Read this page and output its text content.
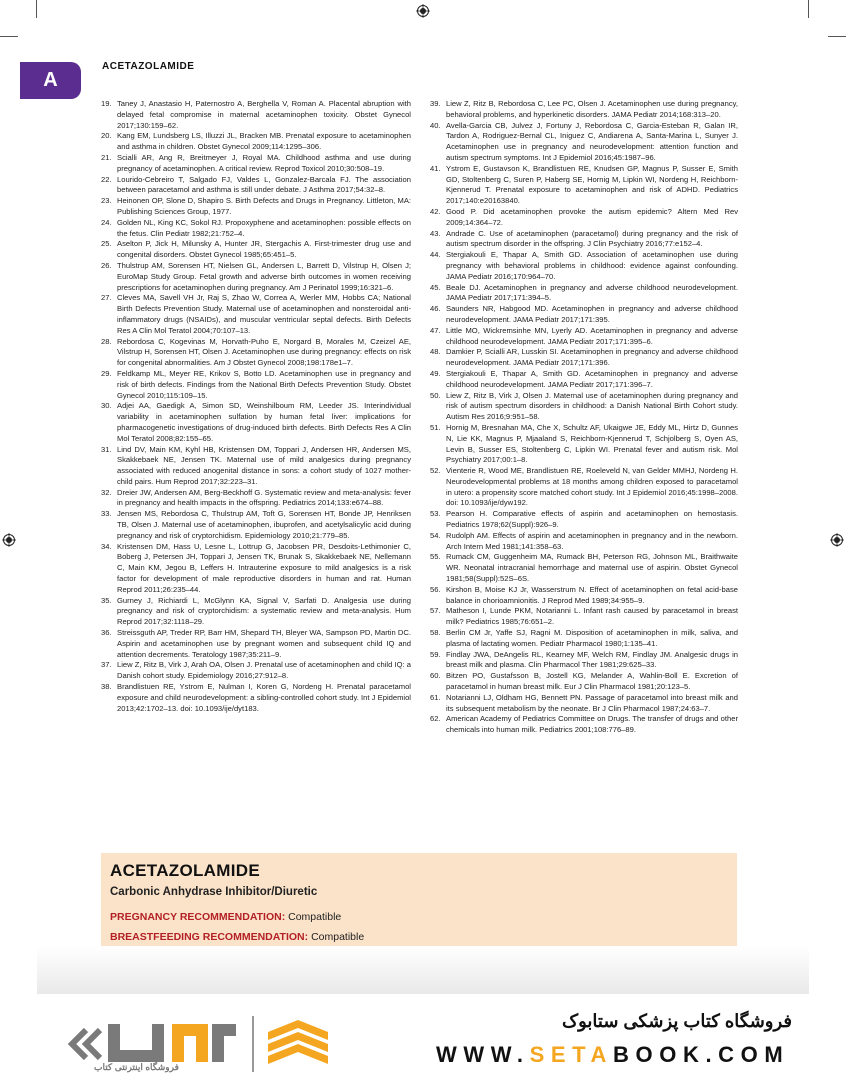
A
ACETAZOLAMIDE
19. Taney J, Anastasio H, Paternostro A, Berghella V, Roman A. Placental abruption with delayed fetal compromise in maternal acetaminophen toxicity. Obstet Gynecol 2017;130:159–62.
20. Kang EM, Lundsberg LS, Illuzzi JL, Bracken MB. Prenatal exposure to acetaminophen and asthma in children. Obstet Gynecol 2009;114:1295–306.
21. Scialli AR, Ang R, Breitmeyer J, Royal MA. Childhood asthma and use during pregnancy of acetaminophen. A critical review. Reprod Toxicol 2010;30:508–19.
22. Lourido-Cebreiro T, Salgado FJ, Valdes L, Gonzalez-Barcala FJ. The association between paracetamol and asthma is still under debate. J Asthma 2017;54:32–8.
23. Heinonen OP, Slone D, Shapiro S. Birth Defects and Drugs in Pregnancy. Littleton, MA: Publishing Sciences Group, 1977.
24. Golden NL, King KC, Sokol RJ. Propoxyphene and acetaminophen: possible effects on the fetus. Clin Pediatr 1982;21:752–4.
25. Aselton P, Jick H, Milunsky A, Hunter JR, Stergachis A. First-trimester drug use and congenital disorders. Obstet Gynecol 1985;65:451–5.
26. Thulstrup AM, Sorensen HT, Nielsen GL, Andersen L, Barrett D, Vilstrup H, Olsen J; EuroMap Study Group. Fetal growth and adverse birth outcomes in women receiving prescriptions for acetaminophen during pregnancy. Am J Perinatol 1999;16:321–6.
27. Cleves MA, Savell VH Jr, Raj S, Zhao W, Correa A, Werler MM, Hobbs CA; National Birth Defects Prevention Study. Maternal use of acetaminophen and nonsteroidal anti-inflammatory drugs (NSAIDs), and muscular ventricular septal defects. Birth Defects Res A Clin Mol Teratol 2004;70:107–13.
28. Rebordosa C, Kogevinas M, Horvath-Puho E, Norgard B, Morales M, Czeizel AE, Vilstrup H, Sorensen HT, Olsen J. Acetaminophen use during pregnancy: effects on risk for congenital abnormalities. Am J Obstet Gynecol 2008;198:178e1–7.
29. Feldkamp ML, Meyer RE, Krikov S, Botto LD. Acetaminophen use in pregnancy and risk of birth defects. Findings from the National Birth Defects Prevention Study. Obstet Gynecol 2010;115:109–15.
30. Adjei AA, Gaedigk A, Simon SD, Weinshilboum RM, Leeder JS. Interindividual variability in acetaminophen sulfation by human fetal liver: implications for pharmacogenetic investigations of drug-induced birth defects. Birth Defects Res A Clin Mol Teratol 2008;82:155–65.
31. Lind DV, Main KM, Kyhl HB, Kristensen DM, Toppari J, Andersen HR, Andersen MS, Skakkebaek NE, Jensen TK. Maternal use of mild analgesics during pregnancy associated with reduced anogenital distance in sons: a cohort study of 1027 mother-child pairs. Hum Reprod 2017;32:223–31.
32. Dreier JW, Andersen AM, Berg-Beckhoff G. Systematic review and meta-analysis: fever in pregnancy and health impacts in the offspring. Pediatrics 2014;133:e674–88.
33. Jensen MS, Rebordosa C, Thulstrup AM, Toft G, Sorensen HT, Bonde JP, Henriksen TB, Olsen J. Maternal use of acetaminophen, ibuprofen, and acetylsalicylic acid during pregnancy and risk of cryptorchidism. Epidemiology 2010;21:779–85.
34. Kristensen DM, Hass U, Lesne L, Lottrup G, Jacobsen PR, Desdoits-Lethimonier C, Boberg J, Petersen JH, Toppari J, Jensen TK, Brunak S, Skakkebaek NE, Nellemann C, Main KM, Jegou B, Leffers H. Intrauterine exposure to mild analgesics is a risk factor for development of male reproductive disorders in human and rat. Human Reprod 2011;26:235–44.
35. Gurney J, Richiardi L, McGlynn KA, Signal V, Sarfati D. Analgesia use during pregnancy and risk of cryptorchidism: a systematic review and meta-analysis. Hum Reprod 2017;32:1118–29.
36. Streissguth AP, Treder RP, Barr HM, Shepard TH, Bleyer WA, Sampson PD, Martin DC. Aspirin and acetaminophen use by pregnant women and subsequent child IQ and attention decrements. Teratology 1987;35:211–9.
37. Liew Z, Ritz B, Virk J, Arah OA, Olsen J. Prenatal use of acetaminophen and child IQ: a Danish cohort study. Epidemiology 2016;27:912–8.
38. Brandlistuen RE, Ystrom E, Nulman I, Koren G, Nordeng H. Prenatal paracetamol exposure and child neurodevelopment: a sibling-controlled cohort study. Int J Epidemiol 2013;42:1702–13. doi: 10.1093/ije/dyt183.
39. Liew Z, Ritz B, Rebordosa C, Lee PC, Olsen J. Acetaminophen use during pregnancy, behavioral problems, and hyperkinetic disorders. JAMA Pediatr 2014;168:313–20.
40. Avella-Garcia CB, Julvez J, Fortuny J, Rebordosa C, Garcia-Esteban R, Galan IR, Tardon A, Rodriguez-Bernal CL, Iniguez C, Andiarena A, Santa-Marina L, Sunyer J. Acetaminophen use in pregnancy and neurodevelopment: attention function and autism spectrum symptoms. Int J Epidemiol 2016;45:1987–96.
41. Ystrom E, Gustavson K, Brandlistuen RE, Knudsen GP, Magnus P, Susser E, Smith GD, Stoltenberg C, Suren P, Haberg SE, Hornig M, Lipkin WI, Nordeng H, Reichborn-Kjennerud T. Prenatal exposure to acetaminophen and risk of ADHD. Pediatrics 2017;140:e20163840.
42. Good P. Did acetaminophen provoke the autism epidemic? Altern Med Rev 2009;14:364–72.
43. Andrade C. Use of acetaminophen (paracetamol) during pregnancy and the risk of autism spectrum disorder in the offspring. J Clin Psychiatry 2016;77:e152–4.
44. Stergiakouli E, Thapar A, Smith GD. Association of acetaminophen use during pregnancy with behavioral problems in childhood: evidence against confounding. JAMA Pediatr 2016;170:964–70.
45. Beale DJ. Acetaminophen in pregnancy and adverse childhood neurodevelopment. JAMA Pediatr 2017;171:394–5.
46. Saunders NR, Habgood MD. Acetaminophen in pregnancy and adverse childhood neurodevelopment. JAMA Pediatr 2017;171:395.
47. Little MO, Wickremsinhe MN, Lyerly AD. Acetaminophen in pregnancy and adverse childhood neurodevelopment. JAMA Pediatr 2017;171:395–6.
48. Damkier P, Scialli AR, Lusskin SI. Acetaminophen in pregnancy and adverse childhood neurodevelopment. JAMA Pediatr 2017;171:396.
49. Stergiakouli E, Thapar A, Smith GD. Acetaminophen in pregnancy and adverse childhood neurodevelopment. JAMA Pediatr 2017;171:396–7.
50. Liew Z, Ritz B, Virk J, Olsen J. Maternal use of acetaminophen during pregnancy and risk of autism spectrum disorders in childhood: a Danish National Birth Cohort study. Autism Res 2016;9:951–58.
51. Hornig M, Bresnahan MA, Che X, Schultz AF, Ukaigwe JE, Eddy ML, Hirtz D, Gunnes N, Lie KK, Magnus P, Mjaaland S, Reichborn-Kjennerud T, Schjolberg S, Oyen AS, Levin B, Susser ES, Stoltenberg C, Lipkin WI. Prenatal fever and autism risk. Mol Psychiatry 2017;00:1–8.
52. Vienterie R, Wood ME, Brandlistuen RE, Roeleveld N, van Gelder MMHJ, Nordeng H. Neurodevelopmental problems at 18 months among children exposed to paracetamol in utero: a propensity score matched cohort study. Int J Epidemiol 2016;45:1998–2008. doi: 10.1093/ije/dyw192.
53. Pearson H. Comparative effects of aspirin and acetaminophen on hemostasis. Pediatrics 1978;62(Suppl):926–9.
54. Rudolph AM. Effects of aspirin and acetaminophen in pregnancy and in the newborn. Arch Intern Med 1981;141:358–63.
55. Rumack CM, Guggenheim MA, Rumack BH, Peterson RG, Johnson ML, Braithwaite WR. Neonatal intracranial hemorrhage and maternal use of aspirin. Obstet Gynecol 1981;58(Suppl):52S–6S.
56. Kirshon B, Moise KJ Jr, Wasserstrum N. Effect of acetaminophen on fetal acid-base balance in chorioamnionitis. J Reprod Med 1989;34:955–9.
57. Matheson I, Lunde PKM, Notarianni L. Infant rash caused by paracetamol in breast milk? Pediatrics 1985;76:651–2.
58. Berlin CM Jr, Yaffe SJ, Ragni M. Disposition of acetaminophen in milk, saliva, and plasma of lactating women. Pediatr Pharmacol 1980;1:135–41.
59. Findlay JWA, DeAngelis RL, Kearney MF, Welch RM, Findlay JM. Analgesic drugs in breast milk and plasma. Clin Pharmacol Ther 1981;29:625–33.
60. Bitzen PO, Gustafsson B, Jostell KG, Melander A, Wahlin-Boll E. Excretion of paracetamol in human breast milk. Eur J Clin Pharmacol 1981;20:123–5.
61. Notarianni LJ, Oldham HG, Bennett PN. Passage of paracetamol into breast milk and its subsequent metabolism by the neonate. Br J Clin Pharmacol 1987;24:63–7.
62. American Academy of Pediatrics Committee on Drugs. The transfer of drugs and other chemicals into human milk. Pediatrics 2001;108:776–89.
ACETAZOLAMIDE
Carbonic Anhydrase Inhibitor/Diuretic
PREGNANCY RECOMMENDATION: Compatible
BREASTFEEDING RECOMMENDATION: Compatible
فروشگاه اینترنتی کتاب
فروشگاه کتاب پزشکی ستابوک
WWW.SETABOOK.COM
